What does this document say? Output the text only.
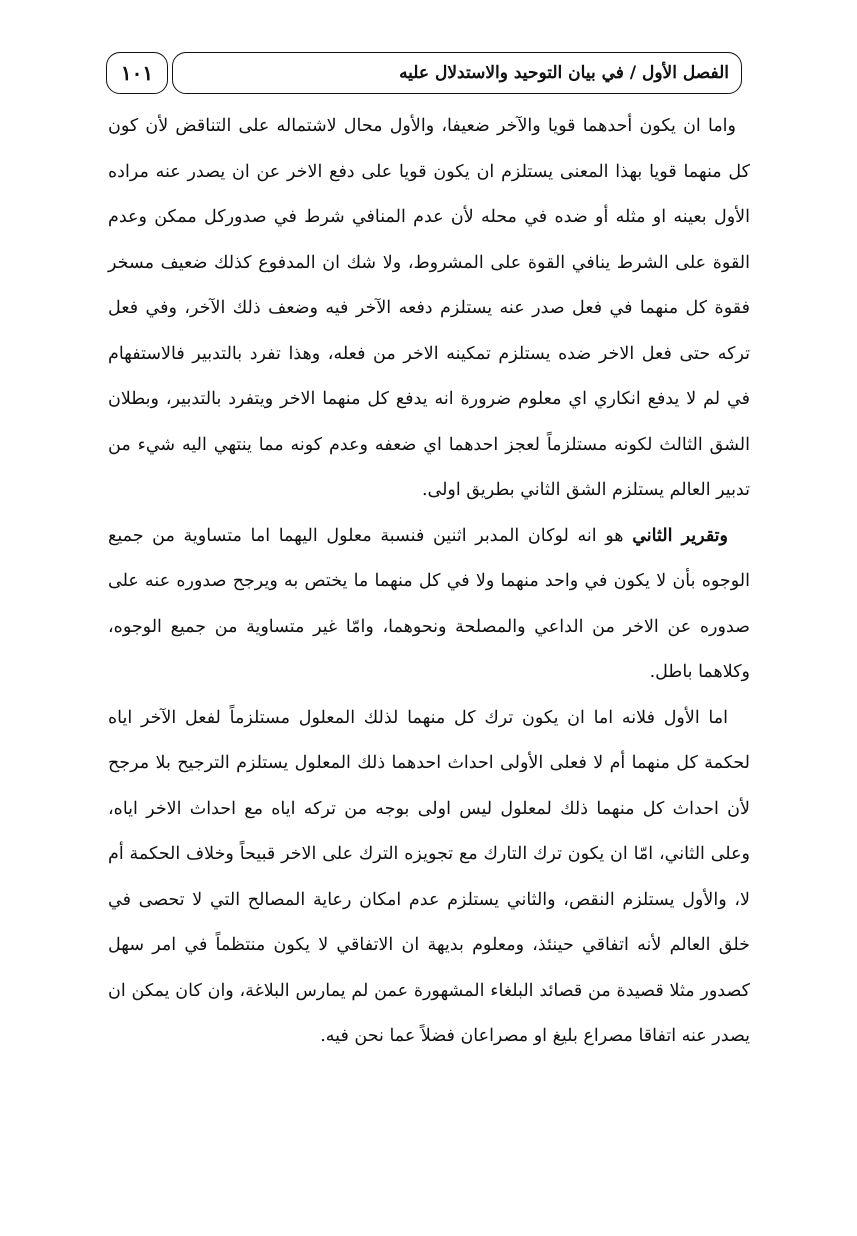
الفصل الأول / في بيان التوحيد والاستدلال عليه
١٠١

واما ان يكون أحدهما قويا والآخر ضعيفا، والأول محال لاشتماله على التناقض لأن كون كل منهما قويا بهذا المعنى يستلزم ان يكون قويا على دفع الاخر عن ان يصدر عنه مراده الأول بعينه او مثله أو ضده في محله لأن عدم المنافي شرط في صدوركل ممكن وعدم القوة على الشرط ينافي القوة على المشروط، ولا شك ان المدفوع كذلك ضعيف مسخر فقوة كل منهما في فعل صدر عنه يستلزم دفعه الآخر فيه وضعف ذلك الآخر، وفي فعل تركه حتى فعل الاخر ضده يستلزم تمكينه الاخر من فعله، وهذا تفرد بالتدبير فالاستفهام في لم لا يدفع انكاري اي معلوم ضرورة انه يدفع كل منهما الاخر ويتفرد بالتدبير، وبطلان الشق الثالث لكونه مستلزماً لعجز احدهما اي ضعفه وعدم كونه مما ينتهي اليه شيء من تدبير العالم يستلزم الشق الثاني بطريق اولى.

وتقرير الثاني هو انه لوكان المدبر اثنين فنسبة معلول اليهما اما متساوية من جميع الوجوه بأن لا يكون في واحد منهما ولا في كل منهما ما يختص به ويرجح صدوره عنه على صدوره عن الاخر من الداعي والمصلحة ونحوهما، وامّا غير متساوية من جميع الوجوه، وكلاهما باطل.

اما الأول فلانه اما ان يكون ترك كل منهما لذلك المعلول مستلزماً لفعل الآخر اياه لحكمة كل منهما أم لا فعلى الأولى احداث احدهما ذلك المعلول يستلزم الترجيح بلا مرجح لأن احداث كل منهما ذلك لمعلول ليس اولى بوجه من تركه اياه مع احداث الاخر اياه، وعلى الثاني، امّا ان يكون ترك التارك مع تجويزه الترك على الاخر قبيحاً وخلاف الحكمة أم لا، والأول يستلزم النقص، والثاني يستلزم عدم امكان رعاية المصالح التي لا تحصى في خلق العالم لأنه اتفاقي حينئذ، ومعلوم بديهة ان الاتفاقي لا يكون منتظماً في امر سهل كصدور مثلا قصيدة من قصائد البلغاء المشهورة عمن لم يمارس البلاغة، وان كان يمكن ان يصدر عنه اتفاقا مصراع بليغ او مصراعان فضلاً عما نحن فيه.
